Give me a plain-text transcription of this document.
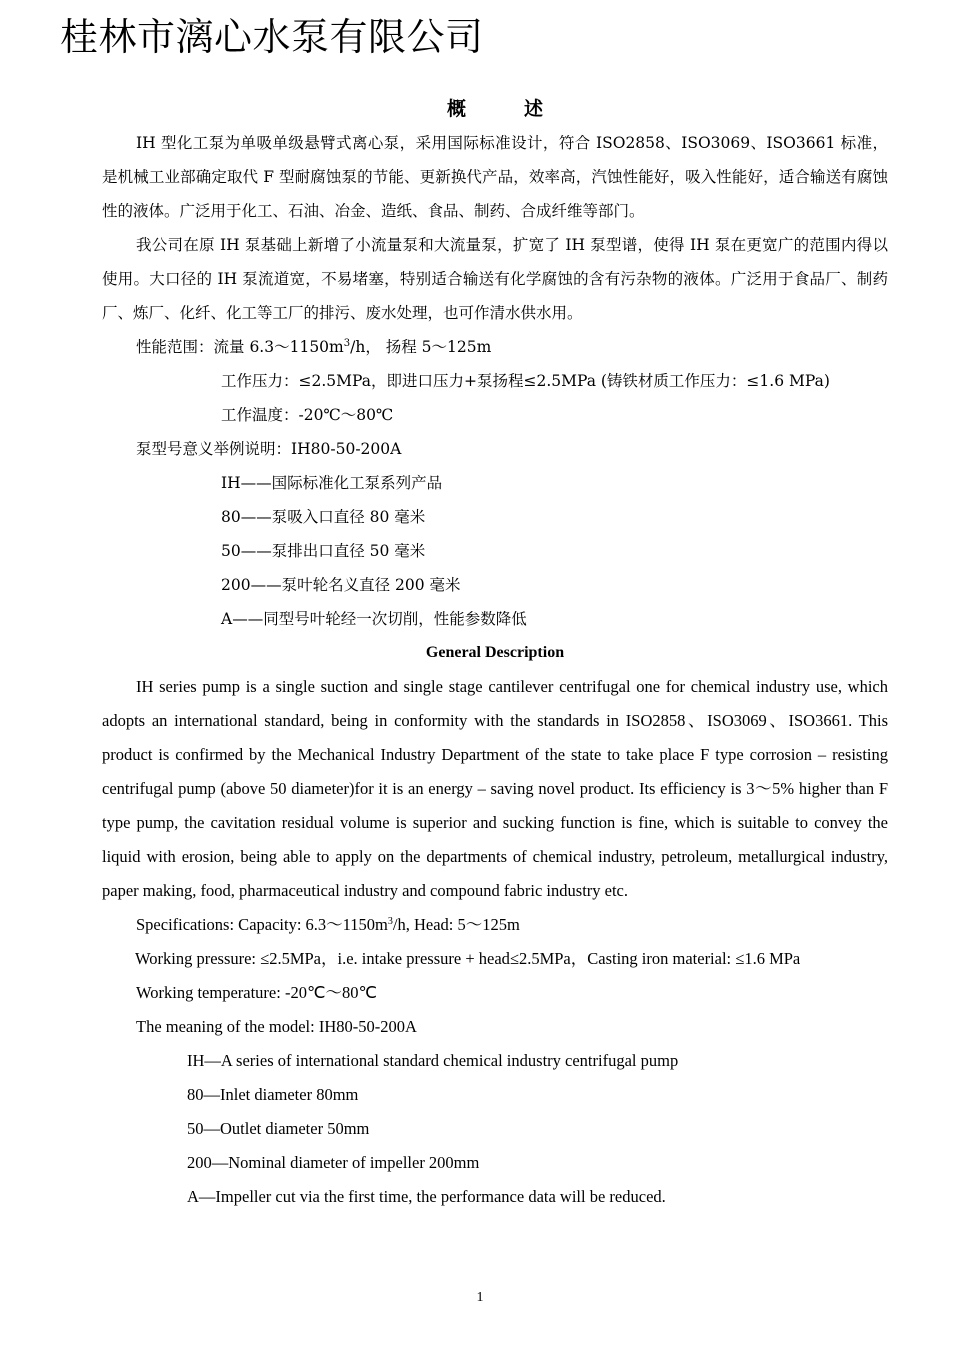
桂林市漓心水泵有限公司
概	述

IH 型化工泵为单吸单级悬臂式离心泵，采用国际标准设计，符合 ISO2858、ISO3069、ISO3661 标准，是机械工业部确定取代 F 型耐腐蚀泵的节能、更新换代产品，效率高，汽蚀性能好，吸入性能好，适合输送有腐蚀性的液体。广泛用于化工、石油、冶金、造纸、食品、制药、合成纤维等部门。

我公司在原 IH 泵基础上新增了小流量泵和大流量泵，扩宽了 IH 泵型谱，使得 IH 泵在更宽广的范围内得以使用。大口径的 IH 泵流道宽，不易堵塞，特别适合输送有化学腐蚀的含有污杂物的液体。广泛用于食品厂、制药厂、炼厂、化纤、化工等工厂的排污、废水处理，也可作清水供水用。

性能范围：流量 $6.3\sim 1150m^3/h$， 扬程 5～125m
工作压力：≤2.5MPa，即进口压力+泵扬程≤2.5MPa (铸铁材质工作压力：≤1.6 MPa)
工作温度：-20℃～80℃
泵型号意义举例说明：IH80-50-200A
IH——国际标准化工泵系列产品
80——泵吸入口直径 80 毫米
50——泵排出口直径 50 毫米
200——泵叶轮名义直径 200 毫米
A——同型号叶轮经一次切削，性能参数降低
General Description

IH series pump is a single suction and single stage cantilever centrifugal one for chemical industry use, which adopts an international standard, being in conformity with the standards in ISO2858、ISO3069、ISO3661. This product is confirmed by the Mechanical Industry Department of the state to take place F type corrosion – resisting centrifugal pump (above 50 diameter)for it is an energy – saving novel product. Its efficiency is 3～5% higher than F type pump, the cavitation residual volume is superior and sucking function is fine, which is suitable to convey the liquid with erosion, being able to apply on the departments of chemical industry, petroleum, metallurgical industry, paper making, food, pharmaceutical industry and compound fabric industry etc.

Specifications: Capacity: $6.3\sim 1150m^3/h$, Head: 5～125m
Working pressure: ≤2.5MPa，i.e. intake pressure + head≤2.5MPa，Casting iron material: ≤1.6 MPa
Working temperature: -20℃～80℃
The meaning of the model: IH80-50-200A
IH—A series of international standard chemical industry centrifugal pump
80—Inlet diameter 80mm
50—Outlet diameter 50mm
200—Nominal diameter of impeller 200mm
A—Impeller cut via the first time, the performance data will be reduced.
1
